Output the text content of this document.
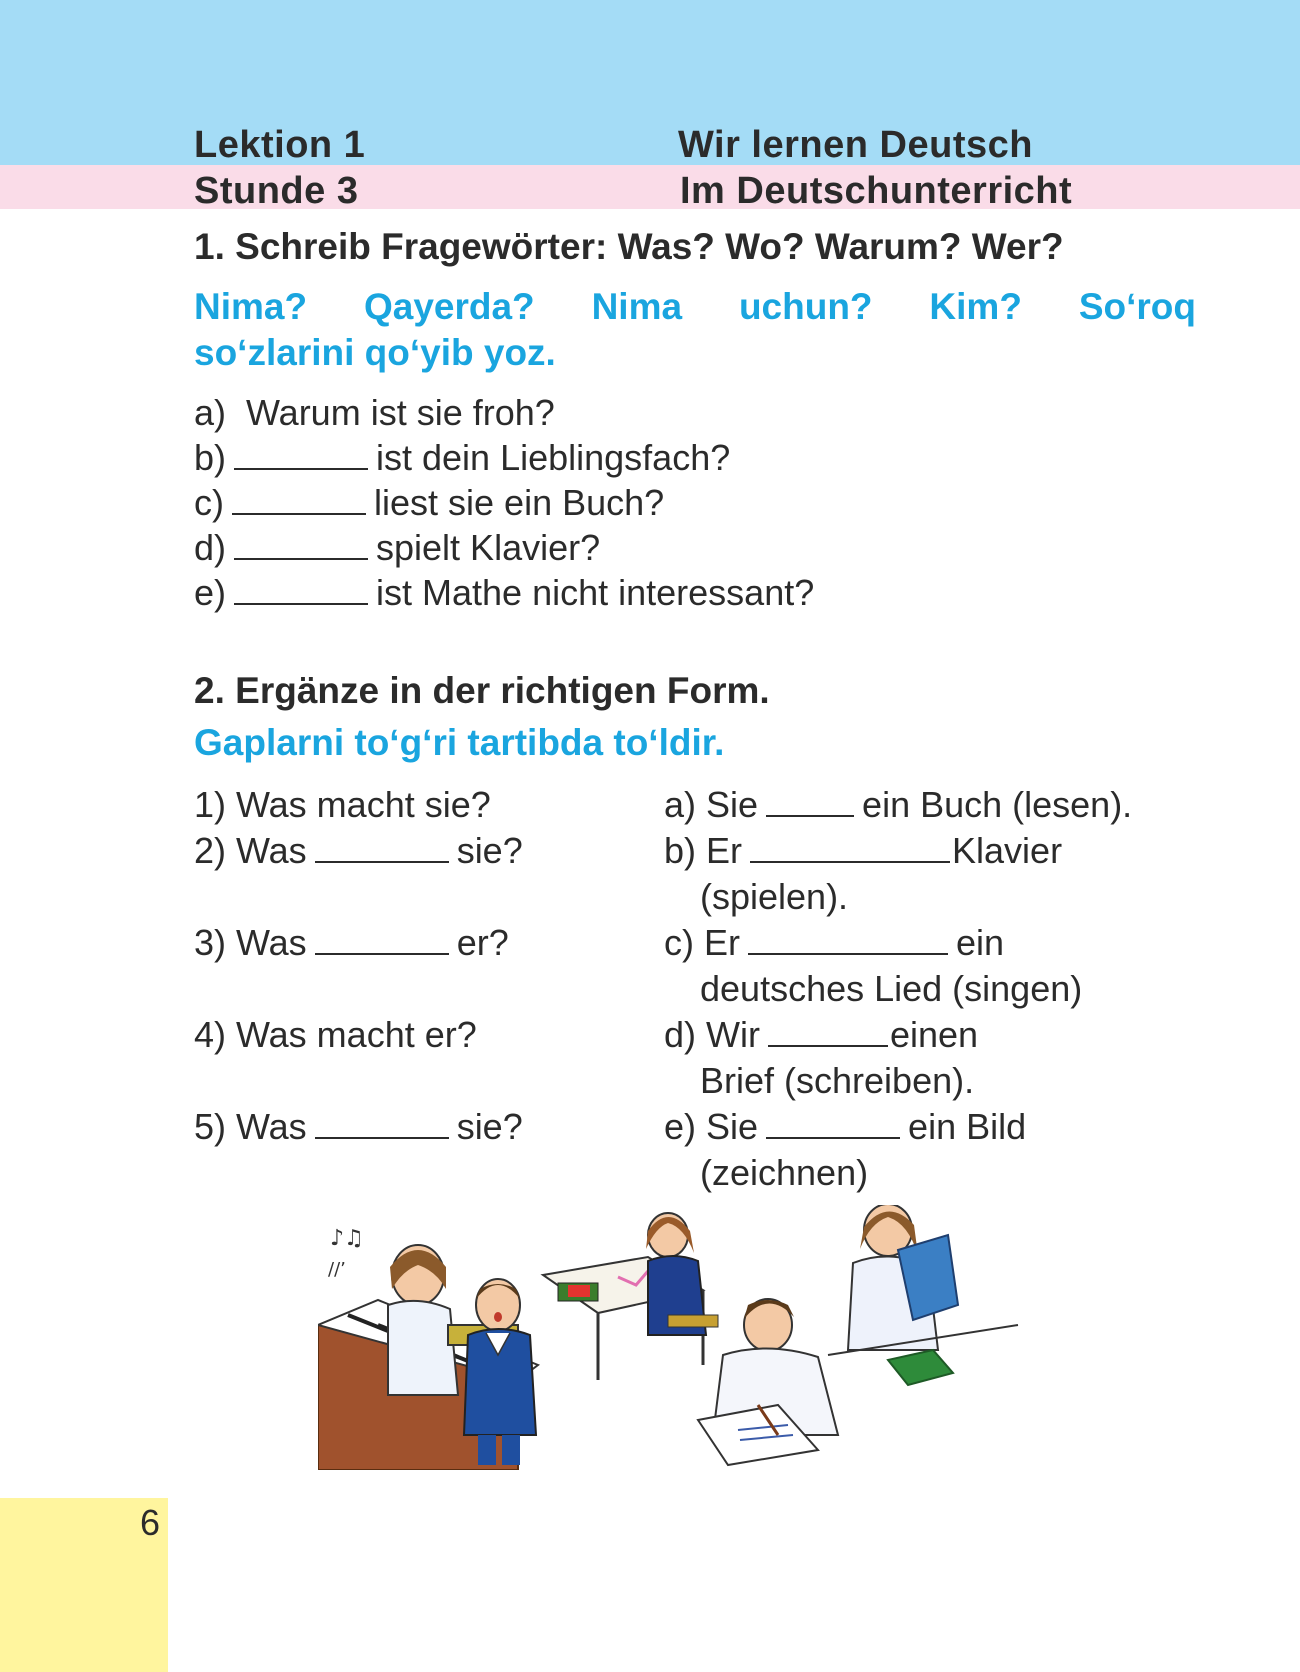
Lektion 1	Wir lernen Deutsch
Stunde 3	Im Deutschunterricht
1. Schreib Fragewörter: Was? Wo? Warum? Wer?
Nima? Qayerda? Nima uchun? Kim? So‘roq
so‘zlarini qo‘yib yoz.
a) Warum ist sie froh?
b)	ist dein Lieblingsfach?
c)	liest sie ein Buch?
d)	spielt Klavier?
e)	ist Mathe nicht interessant?
2. Ergänze in der richtigen Form.
Gaplarni to‘g‘ri tartibda to‘ldir.
1) Was macht sie?
2) Was	sie?
3) Was	er?
4) Was macht er?
5) Was	sie?
a) Sie	ein Buch (lesen).
b) Er	Klavier
(spielen).
c) Er	ein
deutsches Lied (singen)
d) Wir	einen
Brief (schreiben).
e) Sie	ein Bild
(zeichnen)
♪♫
//’
6
